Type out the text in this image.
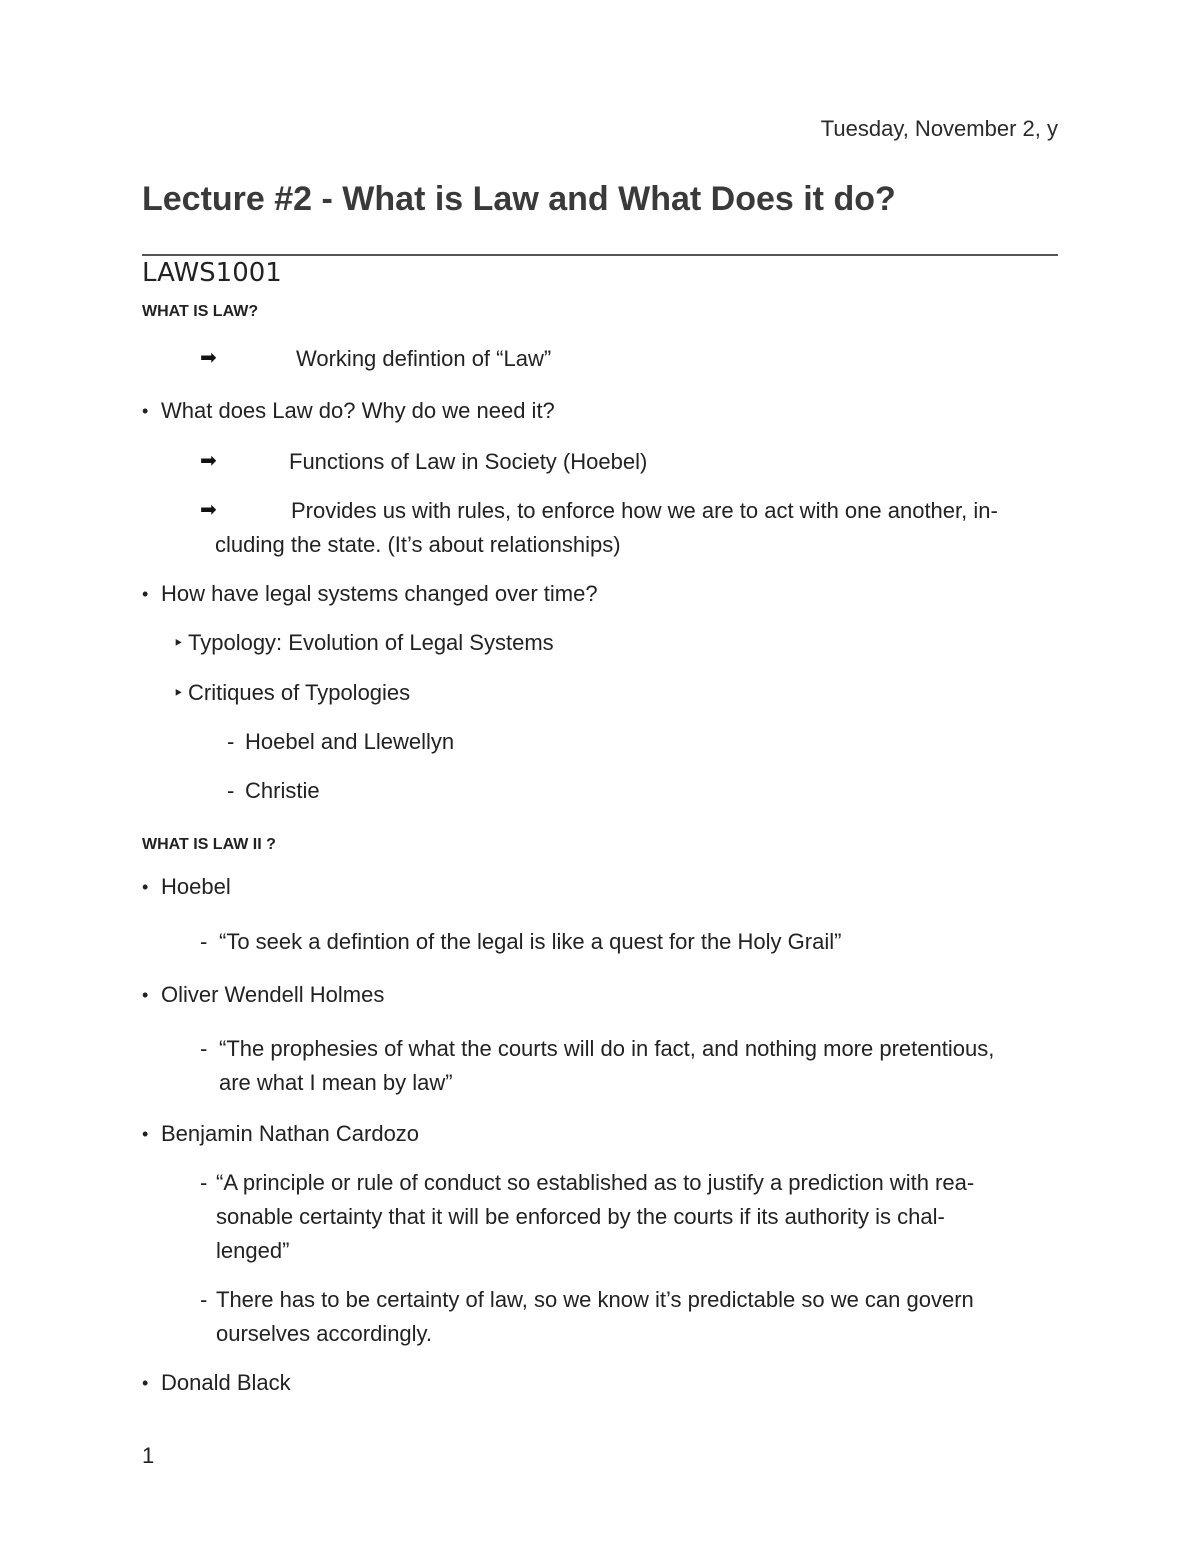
Tuesday, November 2, y
Lecture #2 - What is Law and What Does it do?
LAWS1001
WHAT IS LAW?
➡	Working defintion of “Law”
• What does Law do? Why do we need it?
➡	Functions of Law in Society (Hoebel)
➡	Provides us with rules, to enforce how we are to act with one another, in-
cluding the state. (It’s about relationships)
• How have legal systems changed over time?
‣ Typology: Evolution of Legal Systems
‣ Critiques of Typologies
- Hoebel and Llewellyn
- Christie
WHAT IS LAW II ?
• Hoebel
- “To seek a defintion of the legal is like a quest for the Holy Grail”
• Oliver Wendell Holmes
- “The prophesies of what the courts will do in fact, and nothing more pretentious,
are what I mean by law”
• Benjamin Nathan Cardozo
- “A principle or rule of conduct so established as to justify a prediction with rea-
sonable certainty that it will be enforced by the courts if its authority is chal-
lenged”
- There has to be certainty of law, so we know it’s predictable so we can govern
ourselves accordingly.
• Donald Black
1
